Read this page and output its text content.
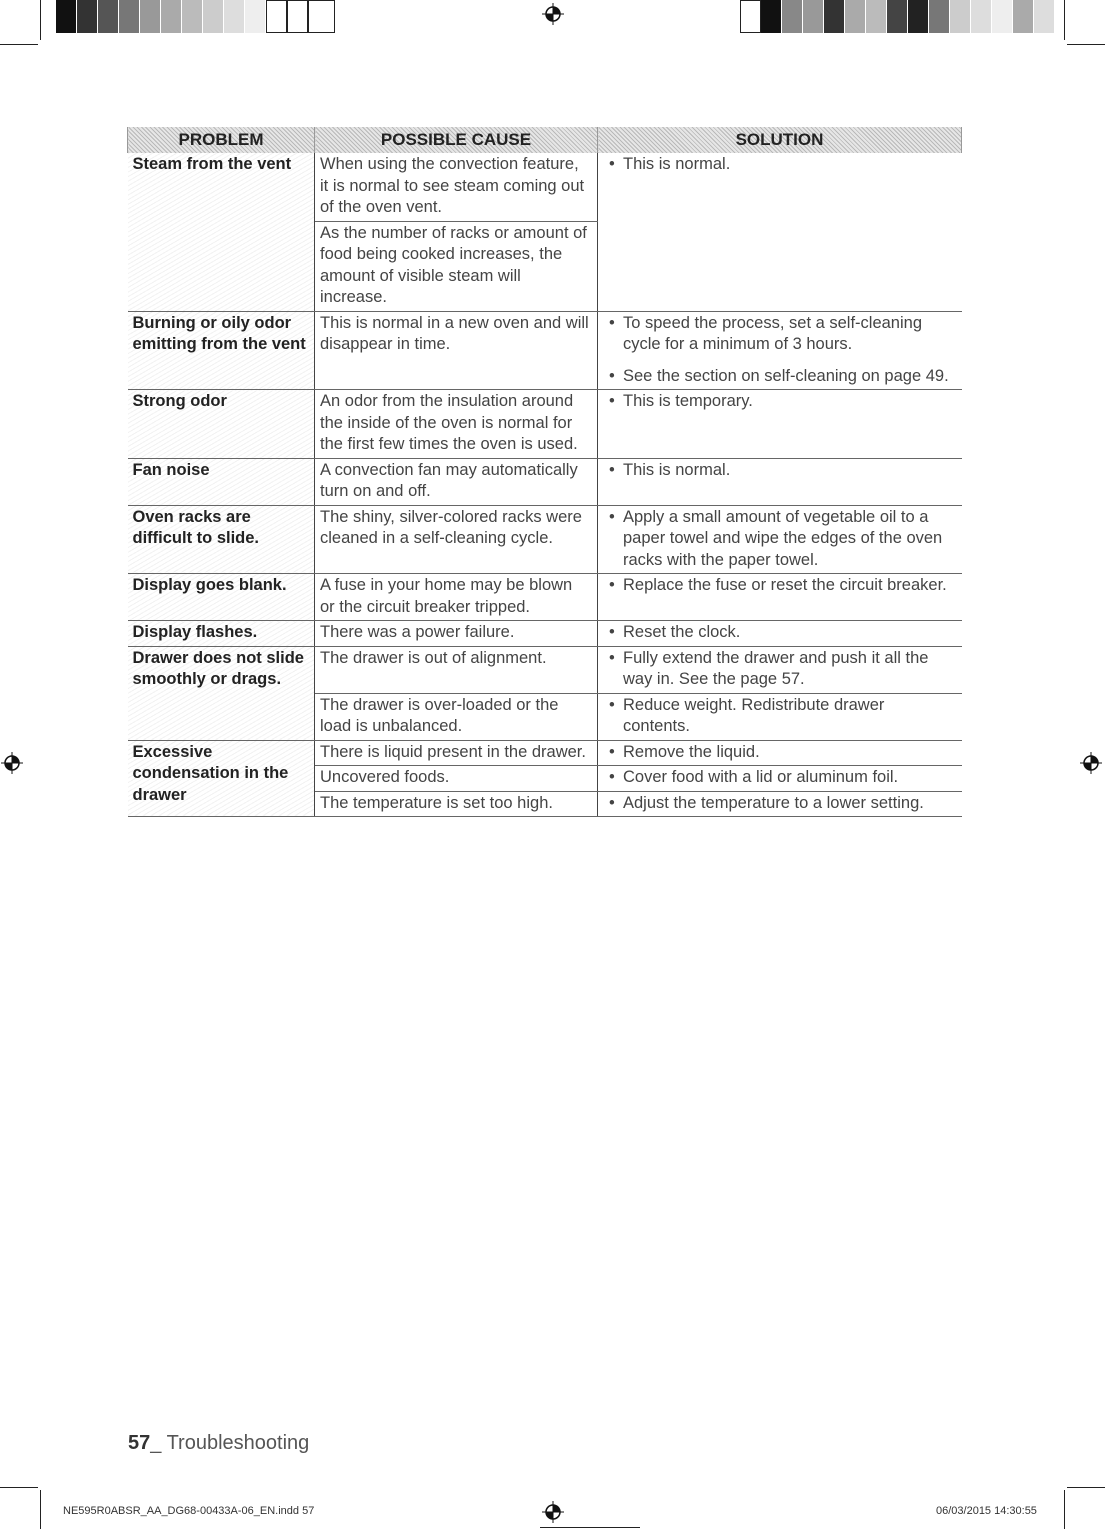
PROBLEM	POSSIBLE CAUSE	SOLUTION
Steam from the vent	When using the convection feature, it is normal to see steam coming out of the oven vent.	• This is normal.

	As the number of racks or amount of food being cooked increases, the amount of visible steam will increase.	
Burning or oily odor emitting from the vent	This is normal in a new oven and will disappear in time.	• To speed the process, set a self-cleaning cycle for a minimum of 3 hours.
• See the section on self-cleaning on page 49.

Strong odor	An odor from the insulation around the inside of the oven is normal for the first few times the oven is used.	• This is temporary.

Fan noise	A convection fan may automatically turn on and off.	• This is normal.

Oven racks are difficult to slide.	The shiny, silver-colored racks were cleaned in a self-cleaning cycle.	• Apply a small amount of vegetable oil to a paper towel and wipe the edges of the oven racks with the paper towel.

Display goes blank.	A fuse in your home may be blown or the circuit breaker tripped.	• Replace the fuse or reset the circuit breaker.

Display flashes.	There was a power failure.	• Reset the clock.

Drawer does not slide smoothly or drags.	The drawer is out of alignment.	• Fully extend the drawer and push it all the way in. See the page 57.

	The drawer is over-loaded or the load is unbalanced.	• Reduce weight. Redistribute drawer contents.

Excessive condensation in the drawer	There is liquid present in the drawer.	• Remove the liquid.

	Uncovered foods.	• Cover food with a lid or aluminum foil.

	The temperature is set too high.	• Adjust the temperature to a lower setting.
57_ Troubleshooting
NE595R0ABSR_AA_DG68-00433A-06_EN.indd 57	06/03/2015 14:30:55
